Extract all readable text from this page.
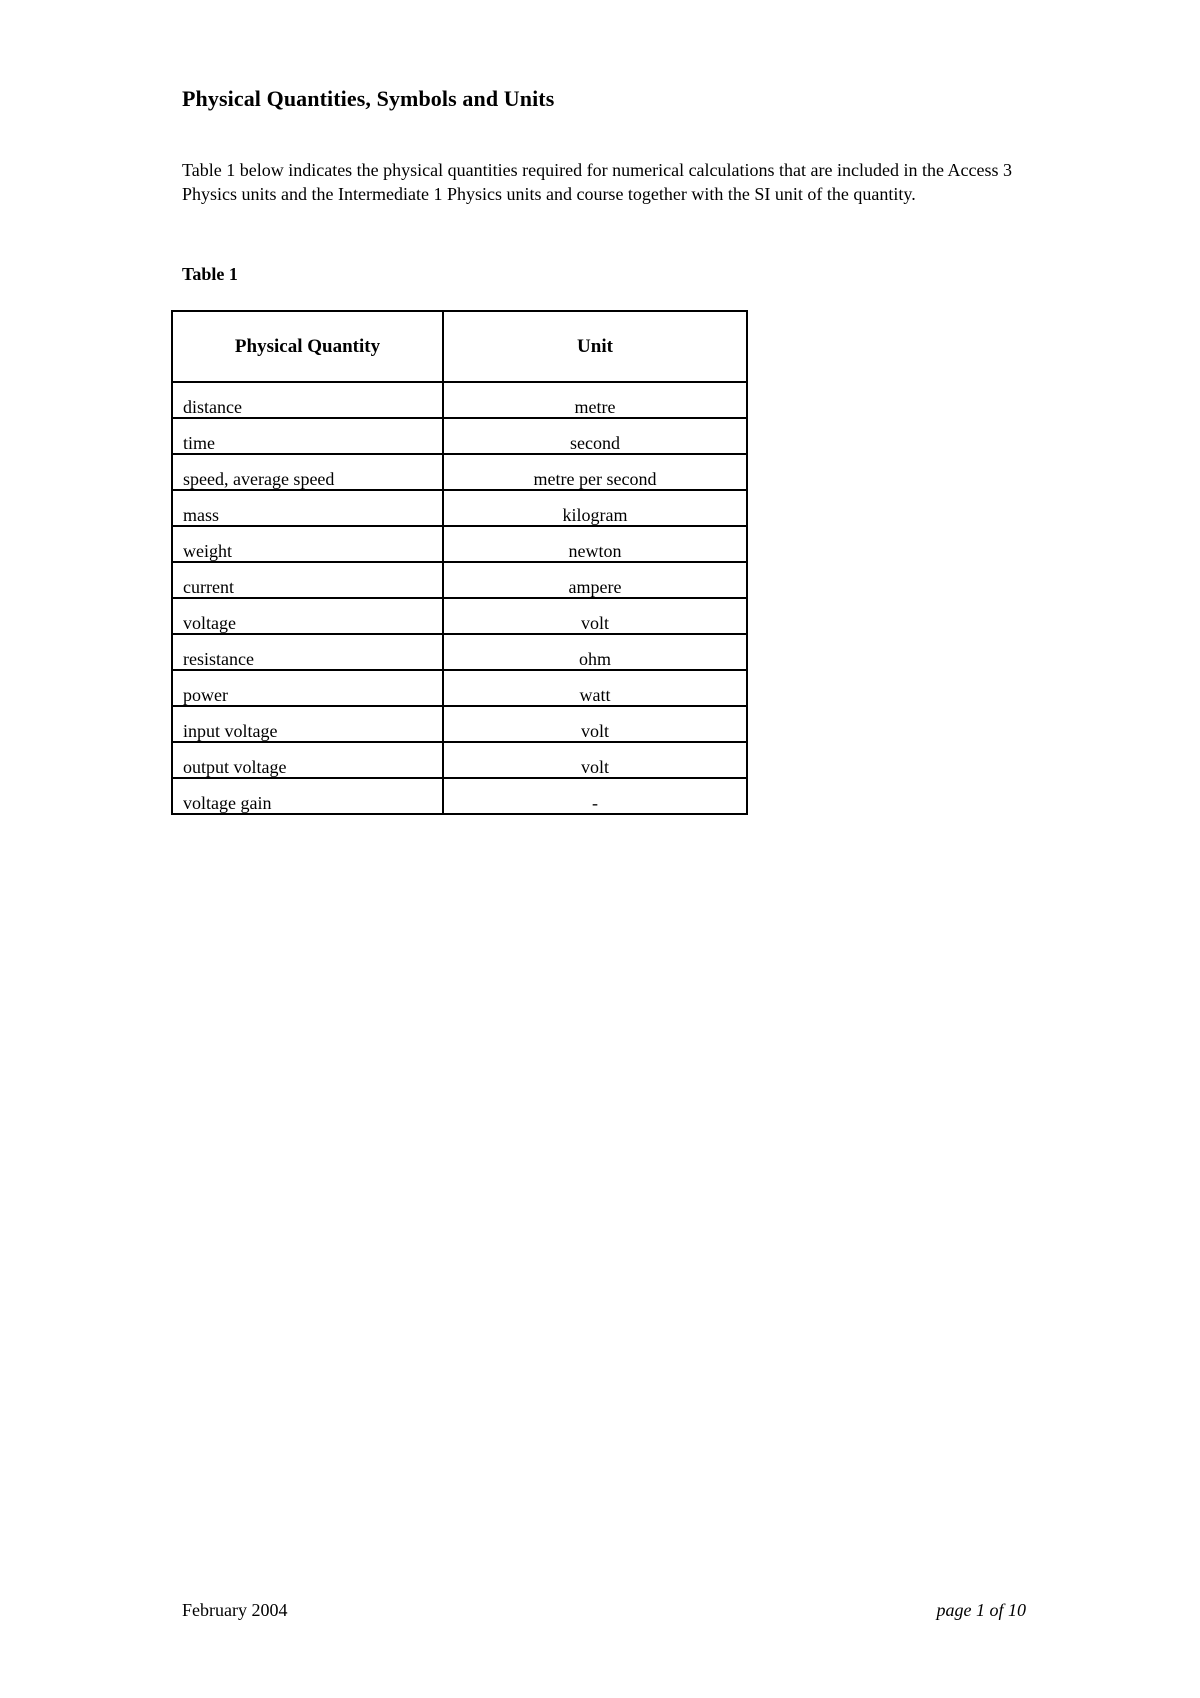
Physical Quantities, Symbols and Units
Table 1 below indicates the physical quantities required for numerical calculations that are included in the Access 3 Physics units and the Intermediate 1 Physics units and course together with the SI unit of the quantity.
Table 1
Physical Quantity	Unit
distance	metre
time	second
speed, average speed	metre per second
mass	kilogram
weight	newton
current	ampere
voltage	volt
resistance	ohm
power	watt
input voltage	volt
output voltage	volt
voltage gain	-
February 2004	page 1 of 10
